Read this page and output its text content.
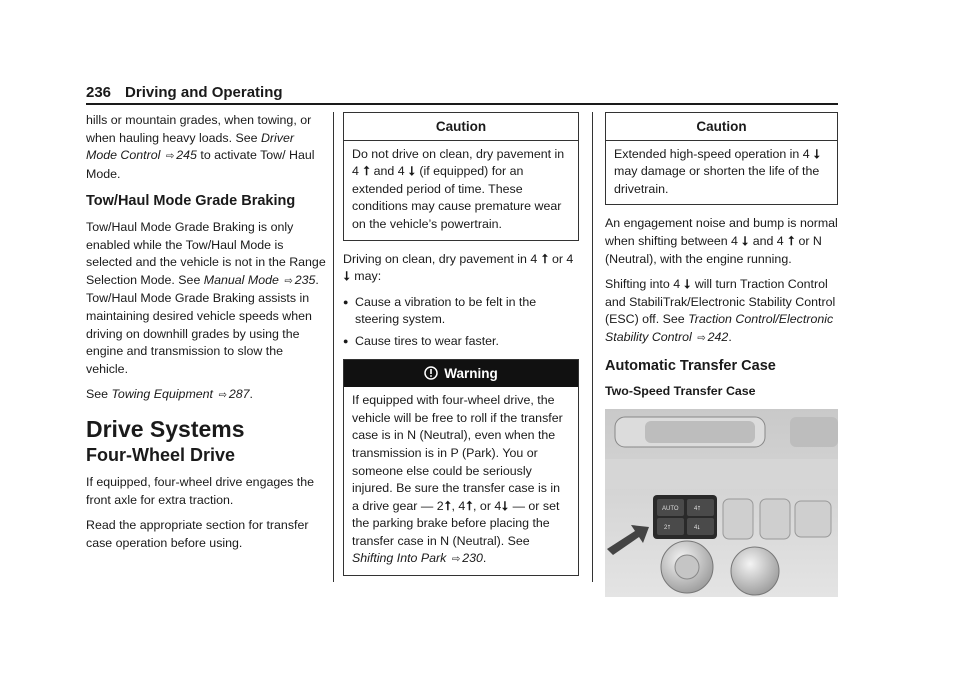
236 Driving and Operating

hills or mountain grades, when towing, or when hauling heavy loads. See Driver Mode Control ⇨ 245 to activate Tow/ Haul Mode.

Tow/Haul Mode Grade Braking

Tow/Haul Mode Grade Braking is only enabled while the Tow/Haul Mode is selected and the vehicle is not in the Range Selection Mode. See Manual Mode ⇨ 235. Tow/Haul Mode Grade Braking assists in maintaining desired vehicle speeds when driving on downhill grades by using the engine and transmission to slow the vehicle.

See Towing Equipment ⇨ 287.

Drive Systems
Four-Wheel Drive

If equipped, four-wheel drive engages the front axle for extra traction.

Read the appropriate section for transfer case operation before using.

Caution
Do not drive on clean, dry pavement in 4 ⭡ and 4 ⭣ (if equipped) for an extended period of time. These conditions may cause premature wear on the vehicle’s powertrain.

Driving on clean, dry pavement in 4 ⭡ or 4 ⭣ may:

● Cause a vibration to be felt in the steering system.
● Cause tires to wear faster.
Warning
If equipped with four-wheel drive, the vehicle will be free to roll if the transfer case is in N (Neutral), even when the transmission is in P (Park). You or someone else could be seriously injured. Be sure the transfer case is in a drive gear — 2⭡, 4⭡, or 4⭣ — or set the parking brake before placing the transfer case in N (Neutral). See Shifting Into Park ⇨ 230.
Caution
Extended high-speed operation in 4 ⭣ may damage or shorten the life of the drivetrain.

An engagement noise and bump is normal when shifting between 4 ⭣ and 4 ⭡ or N (Neutral), with the engine running.

Shifting into 4 ⭣ will turn Traction Control and StabiliTrak/Electronic Stability Control (ESC) off. See Traction Control/Electronic Stability Control ⇨ 242.

Automatic Transfer Case
Two-Speed Transfer Case
AUTO	4⭡
2⭡	4⭣
